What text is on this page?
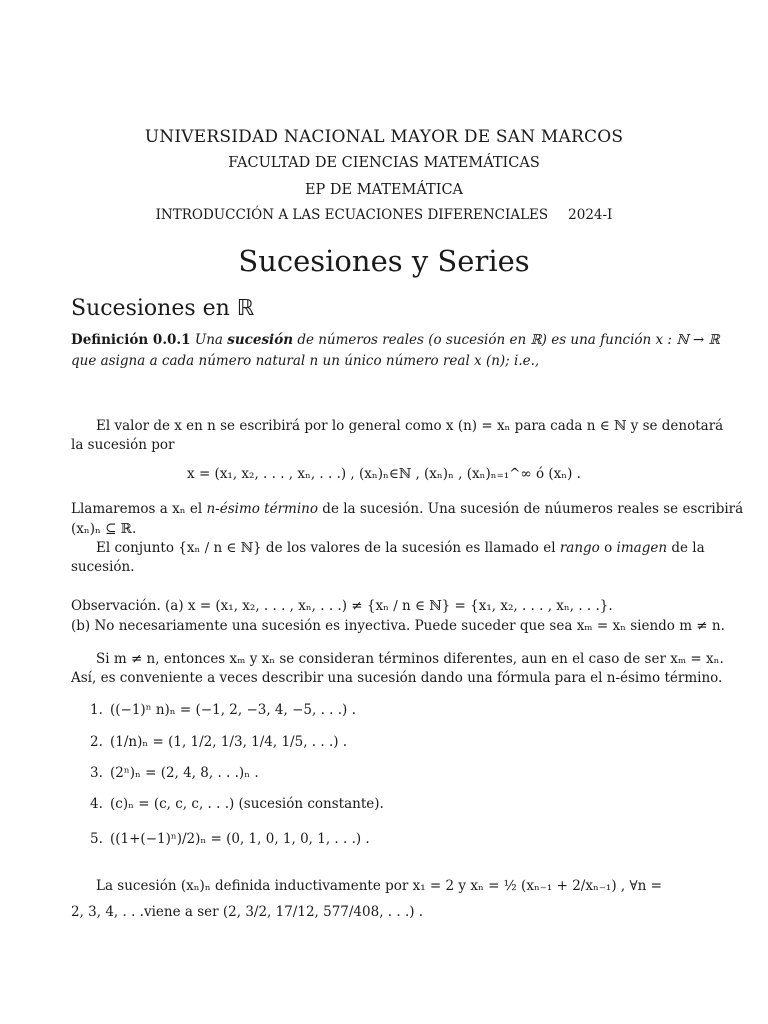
UNIVERSIDAD NACIONAL MAYOR DE SAN MARCOS
FACULTAD DE CIENCIAS MATEMÁTICAS
EP DE MATEMÁTICA
INTRODUCCIÓN A LAS ECUACIONES DIFERENCIALES 2024-I
Sucesiones y Series
Sucesiones en ℝ
Definición 0.0.1 Una sucesión de números reales (o sucesión en ℝ) es una función x : ℕ → ℝ
que asigna a cada número natural n un único número real x (n); i.e.,
El valor de x en n se escribirá por lo general como x (n) = xₙ para cada n ∈ ℕ y se denotará
la sucesión por
x = (x₁, x₂, . . . , xₙ, . . .) , (xₙ)ₙ∈ℕ , (xₙ)ₙ , (xₙ)ₙ₌₁^∞ ó (xₙ) .
Llamaremos a xₙ el n-ésimo término de la sucesión. Una sucesión de núumeros reales se escribirá
(xₙ)ₙ ⊆ ℝ.
El conjunto {xₙ ∕ n ∈ ℕ} de los valores de la sucesión es llamado el rango o imagen de la
sucesión.
Observación. (a) x = (x₁, x₂, . . . , xₙ, . . .) ≠ {xₙ ∕ n ∈ ℕ} = {x₁, x₂, . . . , xₙ, . . .}.
(b) No necesariamente una sucesión es inyectiva. Puede suceder que sea xₘ = xₙ siendo m ≠ n.
Si m ≠ n, entonces xₘ y xₙ se consideran términos diferentes, aun en el caso de ser xₘ = xₙ.
Así, es conveniente a veces describir una sucesión dando una fórmula para el n-ésimo término.
1. ((−1)ⁿ n)ₙ = (−1, 2, −3, 4, −5, . . .) .
2. (1/n)ₙ = (1, 1/2, 1/3, 1/4, 1/5, . . .) .
3. (2ⁿ)ₙ = (2, 4, 8, . . .)ₙ .
4. (c)ₙ = (c, c, c, . . .) (sucesión constante).
5. ((1+(−1)ⁿ)/2)ₙ = (0, 1, 0, 1, 0, 1, . . .) .
La sucesión (xₙ)ₙ definida inductivamente por x₁ = 2 y xₙ = ½ (xₙ₋₁ + 2/xₙ₋₁) , ∀n =
2, 3, 4, . . .viene a ser (2, 3/2, 17/12, 577/408, . . .) .
